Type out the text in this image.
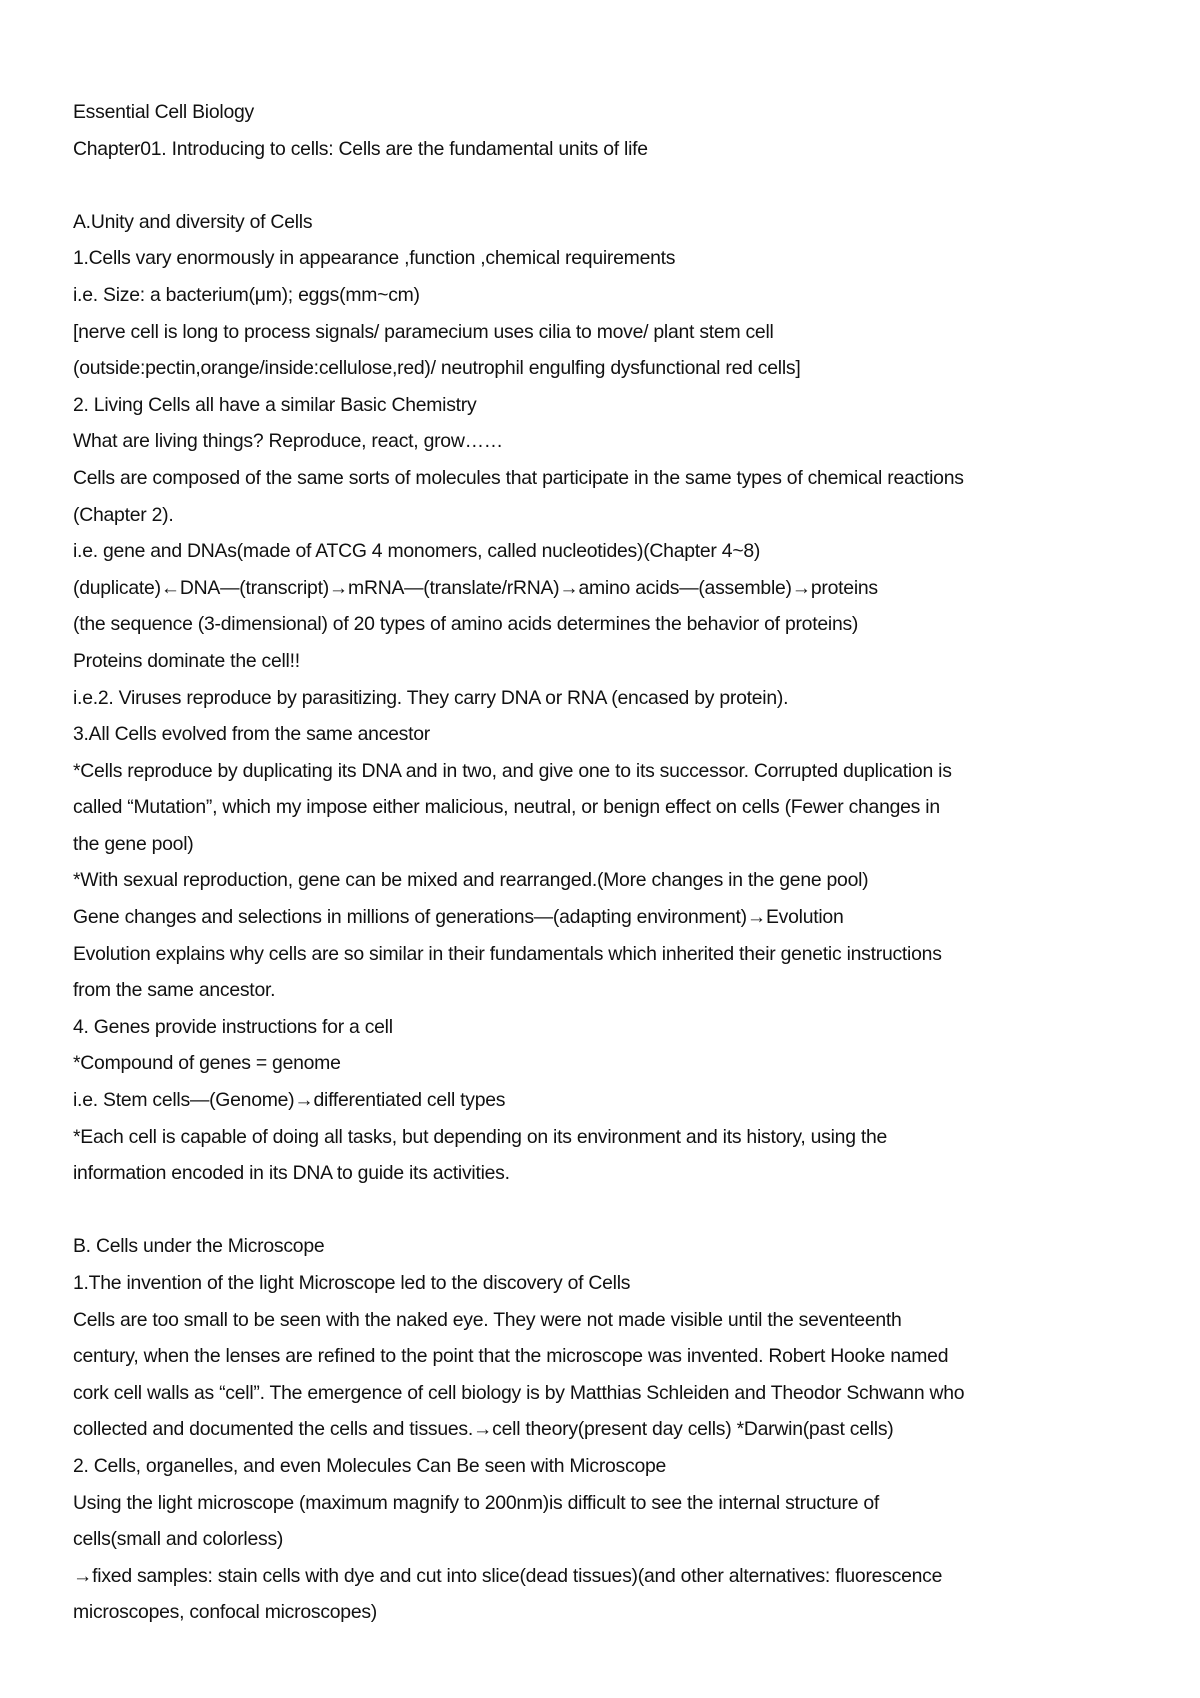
Essential Cell Biology
Chapter01. Introducing to cells: Cells are the fundamental units of life
A.Unity and diversity of Cells
1.Cells vary enormously in appearance ,function ,chemical requirements
i.e. Size: a bacterium(μm); eggs(mm~cm)
[nerve cell is long to process signals/ paramecium uses cilia to move/ plant stem cell
(outside:pectin,orange/inside:cellulose,red)/ neutrophil engulfing dysfunctional red cells]
2. Living Cells all have a similar Basic Chemistry
What are living things? Reproduce, react, grow……
Cells are composed of the same sorts of molecules that participate in the same types of chemical reactions
(Chapter 2).
i.e. gene and DNAs(made of ATCG 4 monomers, called nucleotides)(Chapter 4~8)
(duplicate)←DNA—(transcript)→mRNA—(translate/rRNA)→amino acids—(assemble)→proteins
(the sequence (3-dimensional) of 20 types of amino acids determines the behavior of proteins)
Proteins dominate the cell!!
i.e.2. Viruses reproduce by parasitizing. They carry DNA or RNA (encased by protein).
3.All Cells evolved from the same ancestor
*Cells reproduce by duplicating its DNA and in two, and give one to its successor. Corrupted duplication is
called “Mutation”, which my impose either malicious, neutral, or benign effect on cells (Fewer changes in
the gene pool)
*With sexual reproduction, gene can be mixed and rearranged.(More changes in the gene pool)
Gene changes and selections in millions of generations—(adapting environment)→Evolution
Evolution explains why cells are so similar in their fundamentals which inherited their genetic instructions
from the same ancestor.
4. Genes provide instructions for a cell
*Compound of genes = genome
i.e. Stem cells—(Genome)→differentiated cell types
*Each cell is capable of doing all tasks, but depending on its environment and its history, using the
information encoded in its DNA to guide its activities.
B. Cells under the Microscope
1.The invention of the light Microscope led to the discovery of Cells
Cells are too small to be seen with the naked eye. They were not made visible until the seventeenth
century, when the lenses are refined to the point that the microscope was invented. Robert Hooke named
cork cell walls as “cell”. The emergence of cell biology is by Matthias Schleiden and Theodor Schwann who
collected and documented the cells and tissues.→cell theory(present day cells) *Darwin(past cells)
2. Cells, organelles, and even Molecules Can Be seen with Microscope
Using the light microscope (maximum magnify to 200nm)is difficult to see the internal structure of
cells(small and colorless)
→fixed samples: stain cells with dye and cut into slice(dead tissues)(and other alternatives: fluorescence
microscopes, confocal microscopes)
